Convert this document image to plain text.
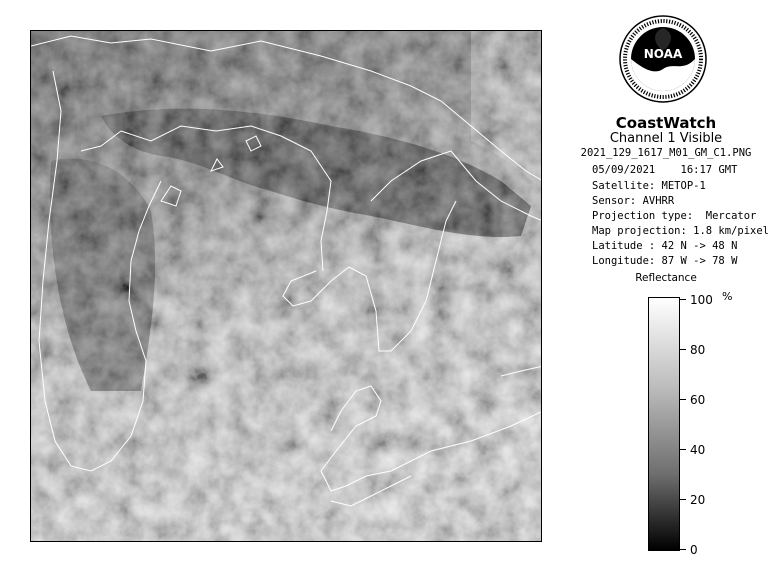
NOAA
CoastWatch
Channel 1 Visible
2021_129_1617_M01_GM_C1.PNG
05/09/2021 16:17 GMT
Satellite: METOP-1
Sensor: AVHRR
Projection type:  Mercator
Map projection: 1.8 km/pixel
Latitude : 42 N -> 48 N
Longitude: 87 W -> 78 W
Reflectance
%
100
80
60
40
20
0
